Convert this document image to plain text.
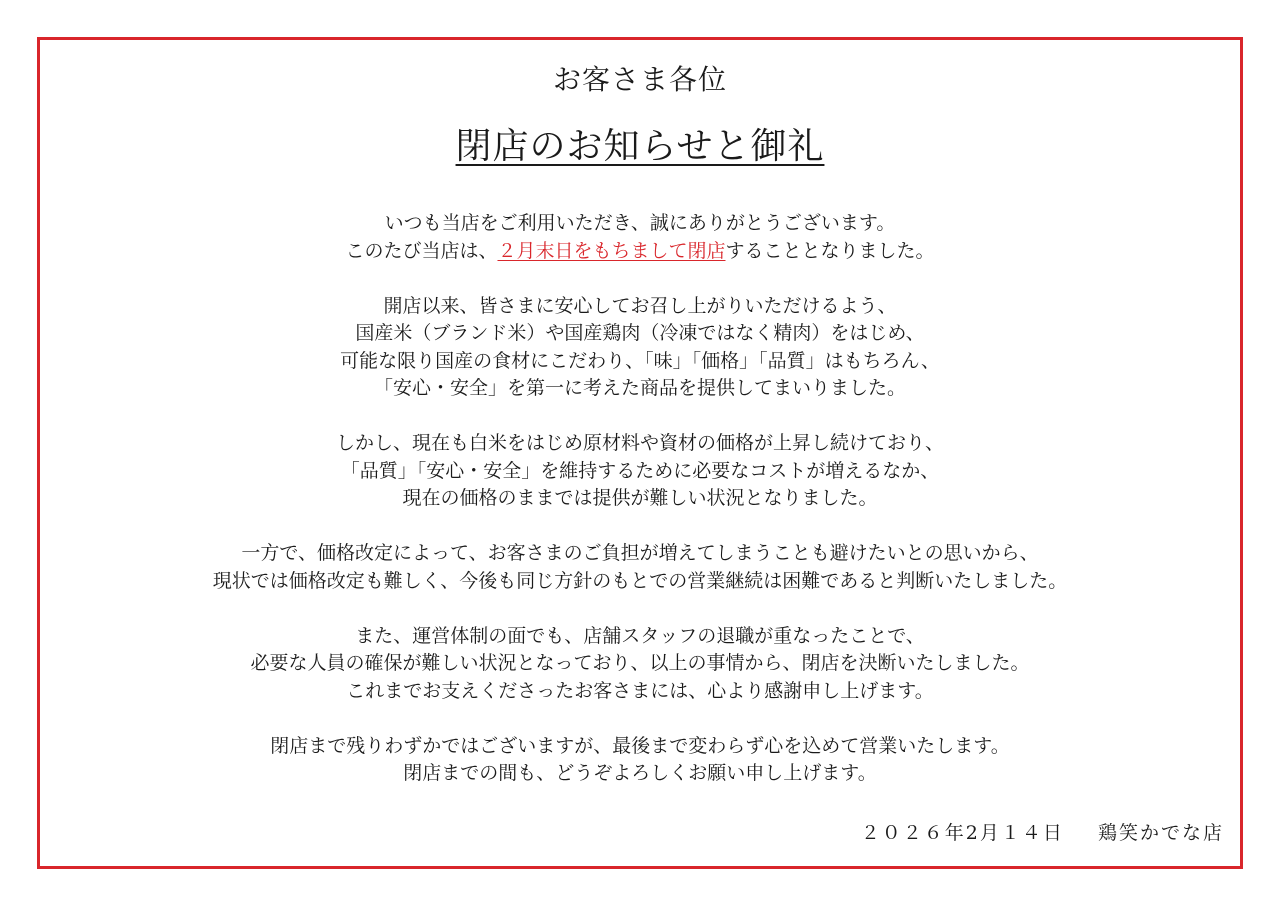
お客さま各位
閉店のお知らせと御礼

いつも当店をご利用いただき、誠にありがとうございます。
このたび当店は、２月末日をもちまして閉店することとなりました。

開店以来、皆さまに安心してお召し上がりいただけるよう、
国産米（ブランド米）や国産鶏肉（冷凍ではなく精肉）をはじめ、
可能な限り国産の食材にこだわり、「味」「価格」「品質」はもちろん、
「安心・安全」を第一に考えた商品を提供してまいりました。

しかし、現在も白米をはじめ原材料や資材の価格が上昇し続けており、
「品質」「安心・安全」を維持するために必要なコストが増えるなか、
現在の価格のままでは提供が難しい状況となりました。

一方で、価格改定によって、お客さまのご負担が増えてしまうことも避けたいとの思いから、
現状では価格改定も難しく、今後も同じ方針のもとでの営業継続は困難であると判断いたしました。

また、運営体制の面でも、店舗スタッフの退職が重なったことで、
必要な人員の確保が難しい状況となっており、以上の事情から、閉店を決断いたしました。
これまでお支えくださったお客さまには、心より感謝申し上げます。

閉店まで残りわずかではございますが、最後まで変わらず心を込めて営業いたします。
閉店までの間も、どうぞよろしくお願い申し上げます。

２０２６年2月１４日 鶏笑かでな店
